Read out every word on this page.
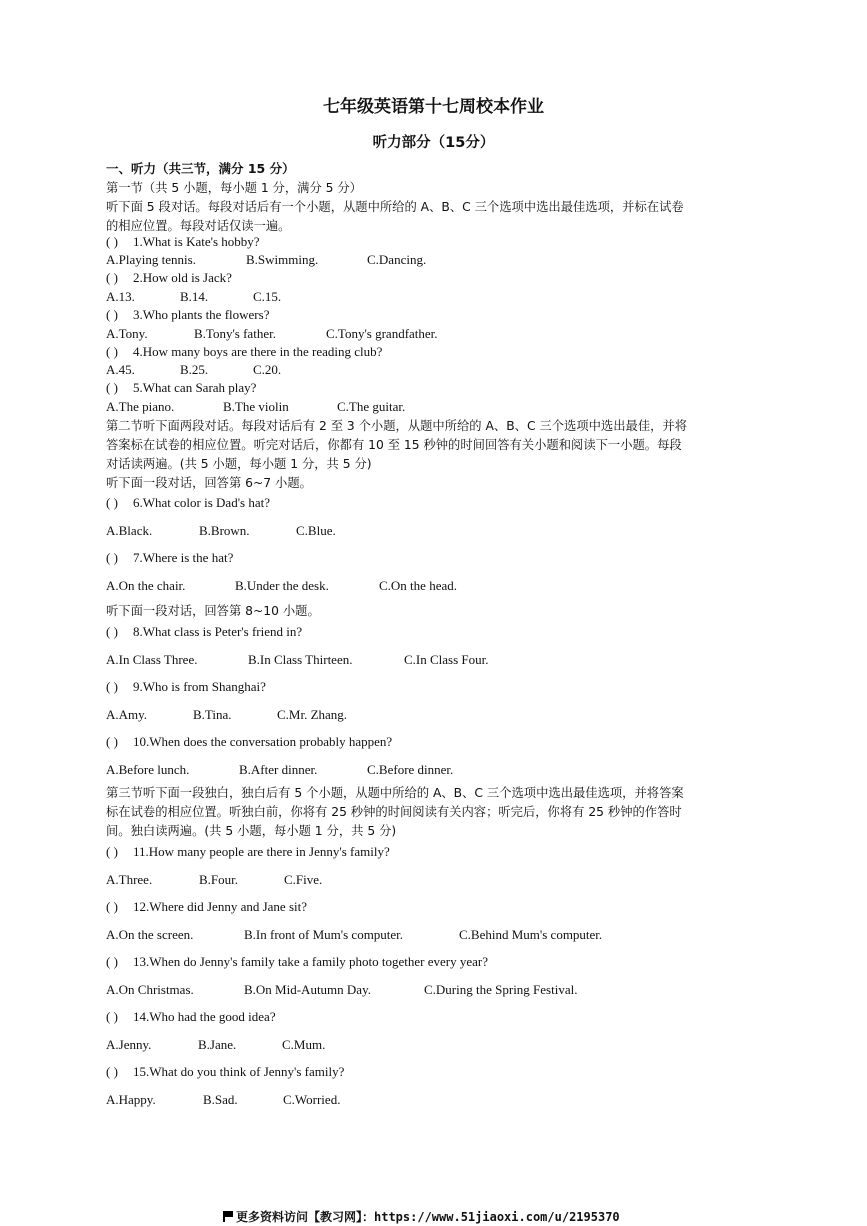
七年级英语第十七周校本作业
听力部分（15分）
一、听力（共三节，满分 15 分）
第一节（共 5 小题，每小题 1 分，满分 5 分）
听下面 5 段对话。每段对话后有一个小题，从题中所给的 A、B、C 三个选项中选出最佳选项，并标在试卷
的相应位置。每段对话仅读一遍。
( ) 1.What is Kate's hobby?
A.Playing tennis.	B.Swimming.	C.Dancing.
( ) 2.How old is Jack?
A.13.	B.14.	C.15.
( ) 3.Who plants the flowers?
A.Tony.	B.Tony's father.	C.Tony's grandfather.
( ) 4.How many boys are there in the reading club?
A.45.	B.25.	C.20.
( ) 5.What can Sarah play?
A.The piano.	B.The violin	C.The guitar.
第二节听下面两段对话。每段对话后有 2 至 3 个小题，从题中所给的 A、B、C 三个选项中选出最佳，并将
答案标在试卷的相应位置。听完对话后，你都有 10 至 15 秒钟的时间回答有关小题和阅读下一小题。每段
对话读两遍。(共 5 小题，每小题 1 分，共 5 分)
听下面一段对话，回答第 6~7 小题。
( ) 6.What color is Dad's hat?
A.Black.	B.Brown.	C.Blue.
( ) 7.Where is the hat?
A.On the chair.	B.Under the desk.	C.On the head.
听下面一段对话，回答第 8~10 小题。
( ) 8.What class is Peter's friend in?
A.In Class Three.	B.In Class Thirteen.	C.In Class Four.
( ) 9.Who is from Shanghai?
A.Amy.	B.Tina.	C.Mr. Zhang.
( ) 10.When does the conversation probably happen?
A.Before lunch.	B.After dinner.	C.Before dinner.
第三节听下面一段独白，独白后有 5 个小题，从题中所给的 A、B、C 三个选项中选出最佳选项，并将答案
标在试卷的相应位置。听独白前，你将有 25 秒钟的时间阅读有关内容；听完后，你将有 25 秒钟的作答时
间。独白读两遍。(共 5 小题，每小题 1 分，共 5 分)
( ) 11.How many people are there in Jenny's family?
A.Three.	B.Four.	C.Five.
( ) 12.Where did Jenny and Jane sit?
A.On the screen.	B.In front of Mum's computer.	C.Behind Mum's computer.
( ) 13.When do Jenny's family take a family photo together every year?
A.On Christmas.	B.On Mid-Autumn Day.	C.During the Spring Festival.
( ) 14.Who had the good idea?
A.Jenny.	B.Jane.	C.Mum.
( ) 15.What do you think of Jenny's family?
A.Happy.	B.Sad.	C.Worried.
更多资料访问【教习网】：https://www.51jiaoxi.com/u/2195370
